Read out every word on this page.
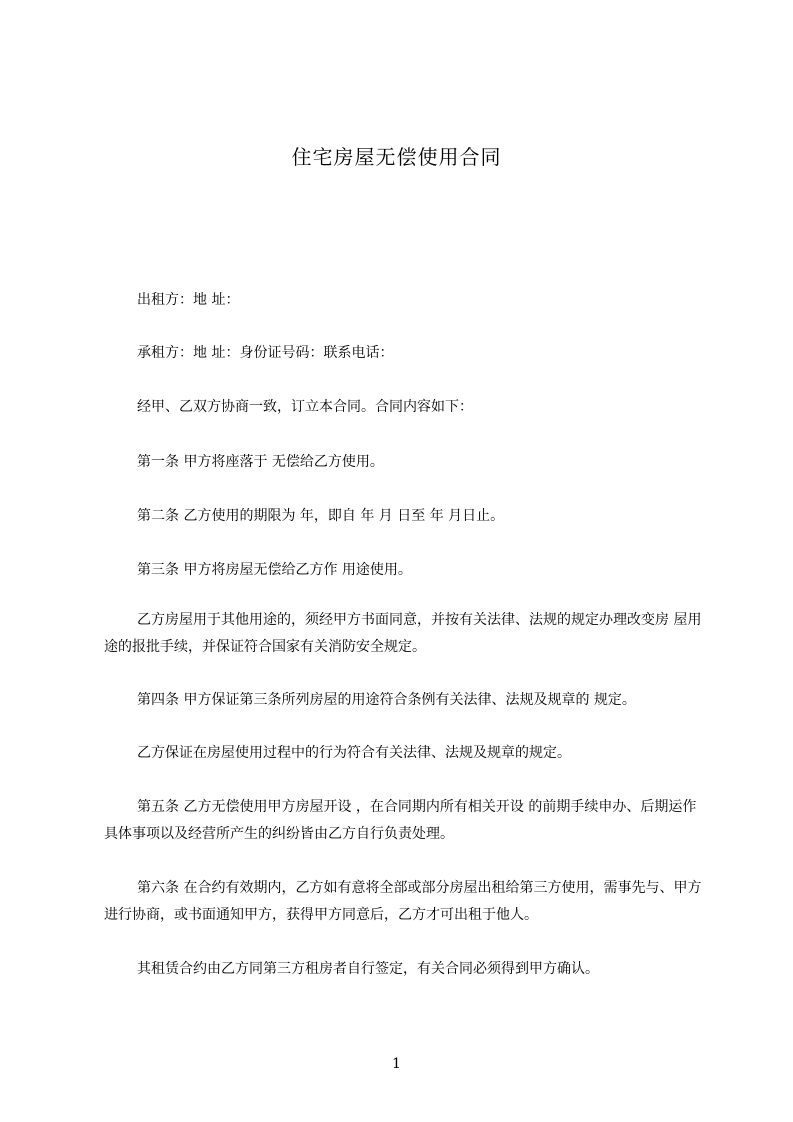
住宅房屋无偿使用合同
出租方：地 址：
承租方：地 址：身份证号码：联系电话：
经甲、乙双方协商一致，订立本合同。合同内容如下：
第一条 甲方将座落于 无偿给乙方使用。
第二条 乙方使用的期限为 年，即自 年 月 日至 年 月日止。
第三条 甲方将房屋无偿给乙方作 用途使用。
乙方房屋用于其他用途的，须经甲方书面同意，并按有关法律、法规的规定办理改变房 屋用途的报批手续，并保证符合国家有关消防安全规定。
第四条 甲方保证第三条所列房屋的用途符合条例有关法律、法规及规章的 规定。
乙方保证在房屋使用过程中的行为符合有关法律、法规及规章的规定。
第五条 乙方无偿使用甲方房屋开设 ，在合同期内所有相关开设 的前期手续申办、后期运作具体事项以及经营所产生的纠纷皆由乙方自行负责处理。
第六条 在合约有效期内，乙方如有意将全部或部分房屋出租给第三方使用，需事先与、甲方进行协商，或书面通知甲方，获得甲方同意后，乙方才可出租于他人。
其租赁合约由乙方同第三方租房者自行签定，有关合同必须得到甲方确认。
1
